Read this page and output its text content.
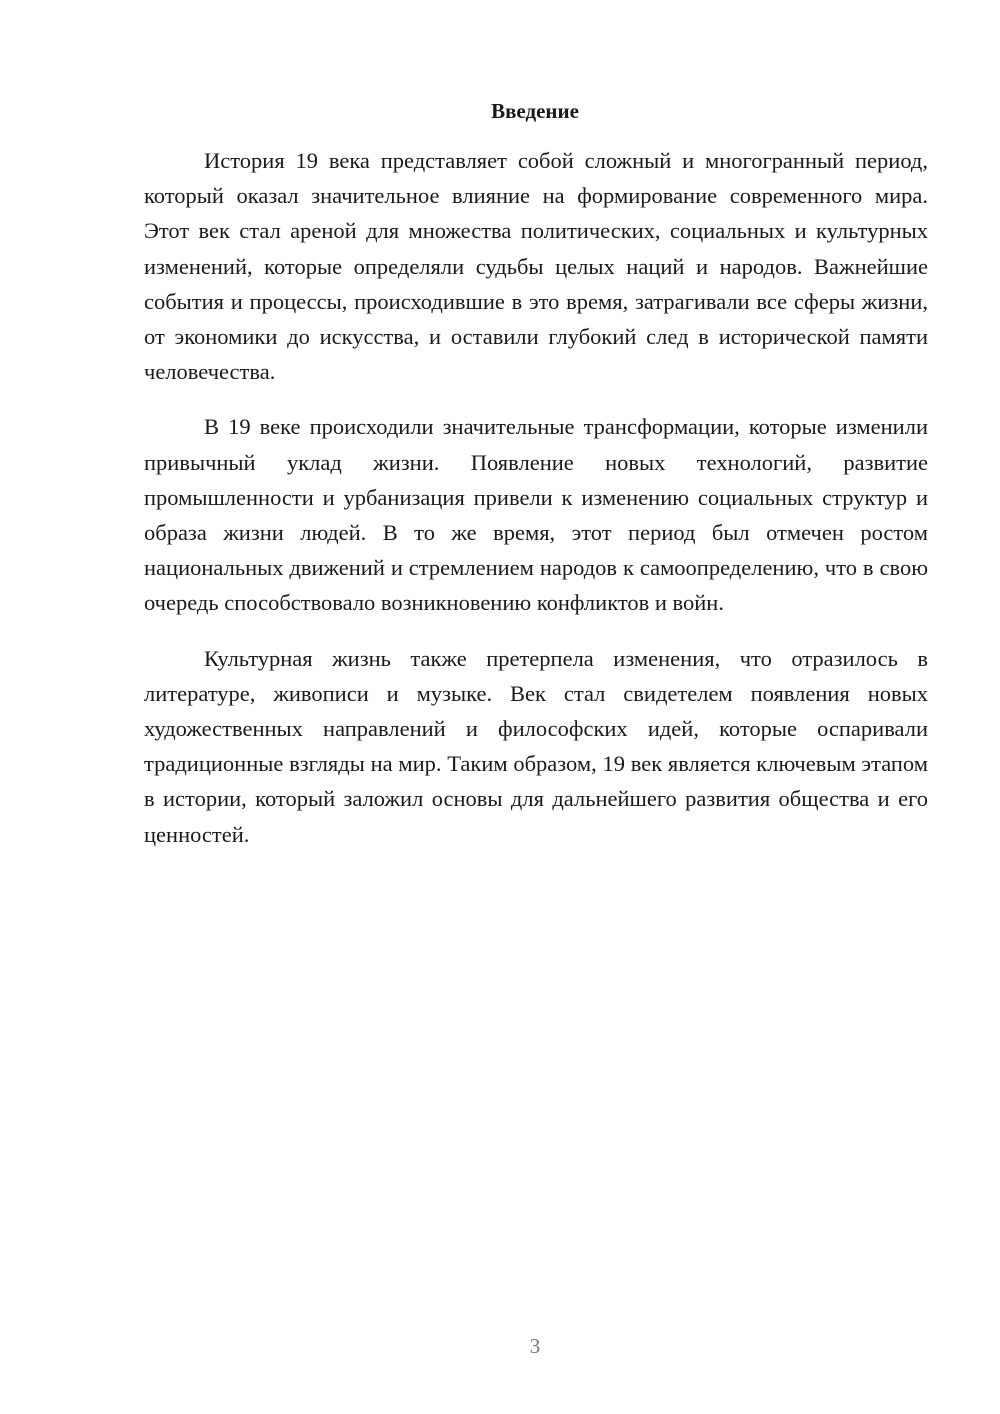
Введение

История 19 века представляет собой сложный и многогранный период, который оказал значительное влияние на формирование современного мира. Этот век стал ареной для множества политических, социальных и культурных изменений, которые определяли судьбы целых наций и народов. Важнейшие события и процессы, происходившие в это время, затрагивали все сферы жизни, от экономики до искусства, и оставили глубокий след в исторической памяти человечества.

В 19 веке происходили значительные трансформации, которые изменили привычный уклад жизни. Появление новых технологий, развитие промышленности и урбанизация привели к изменению социальных структур и образа жизни людей. В то же время, этот период был отмечен ростом национальных движений и стремлением народов к самоопределению, что в свою очередь способствовало возникновению конфликтов и войн.

Культурная жизнь также претерпела изменения, что отразилось в литературе, живописи и музыке. Век стал свидетелем появления новых художественных направлений и философских идей, которые оспаривали традиционные взгляды на мир. Таким образом, 19 век является ключевым этапом в истории, который заложил основы для дальнейшего развития общества и его ценностей.

3
